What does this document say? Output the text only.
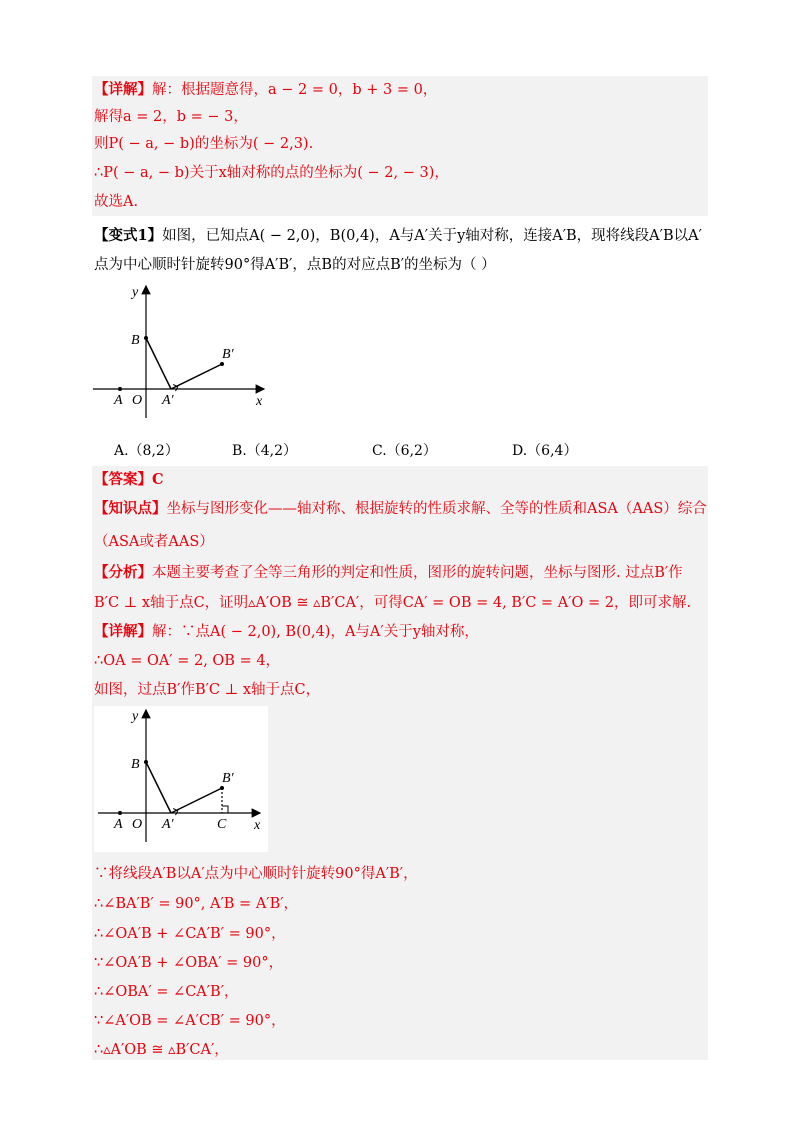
【详解】解：根据题意得，a − 2 = 0，b + 3 = 0，
解得a = 2，b = − 3，
则P( − a, − b)的坐标为( − 2,3).
∴P( − a, − b)关于x轴对称的点的坐标为( − 2, − 3)，
故选A.
【变式1】如图，已知点A( − 2,0)，B(0,4)，A与A′关于y轴对称，连接A′B，现将线段A′B以A′
点为中心顺时针旋转90°得A′B′，点B的对应点B′的坐标为（ ）
y
x
B
B′
A O A′
A.（8,2）	B.（4,2）	C.（6,2）	D.（6,4）
【答案】C
【知识点】坐标与图形变化——轴对称、根据旋转的性质求解、全等的性质和ASA（AAS）综合
（ASA或者AAS）
【分析】本题主要考查了全等三角形的判定和性质，图形的旋转问题，坐标与图形. 过点B′作
B′C ⊥ x轴于点C，证明▵A′OB ≅ ▵B′CA′，可得CA′ = OB = 4, B′C = A′O = 2，即可求解.
【详解】解：∵点A( − 2,0), B(0,4)，A与A′关于y轴对称，
∴OA = OA′ = 2, OB = 4，
如图，过点B′作B′C ⊥ x轴于点C，
y
x
B
B′
A O A′	C
∵将线段A′B以A′点为中心顺时针旋转90°得A′B′，
∴∠BA′B′ = 90°, A′B = A′B′，
∴∠OA′B + ∠CA′B′ = 90°，
∵∠OA′B + ∠OBA′ = 90°，
∴∠OBA′ = ∠CA′B′，
∵∠A′OB = ∠A′CB′ = 90°，
∴▵A′OB ≅ ▵B′CA′，
